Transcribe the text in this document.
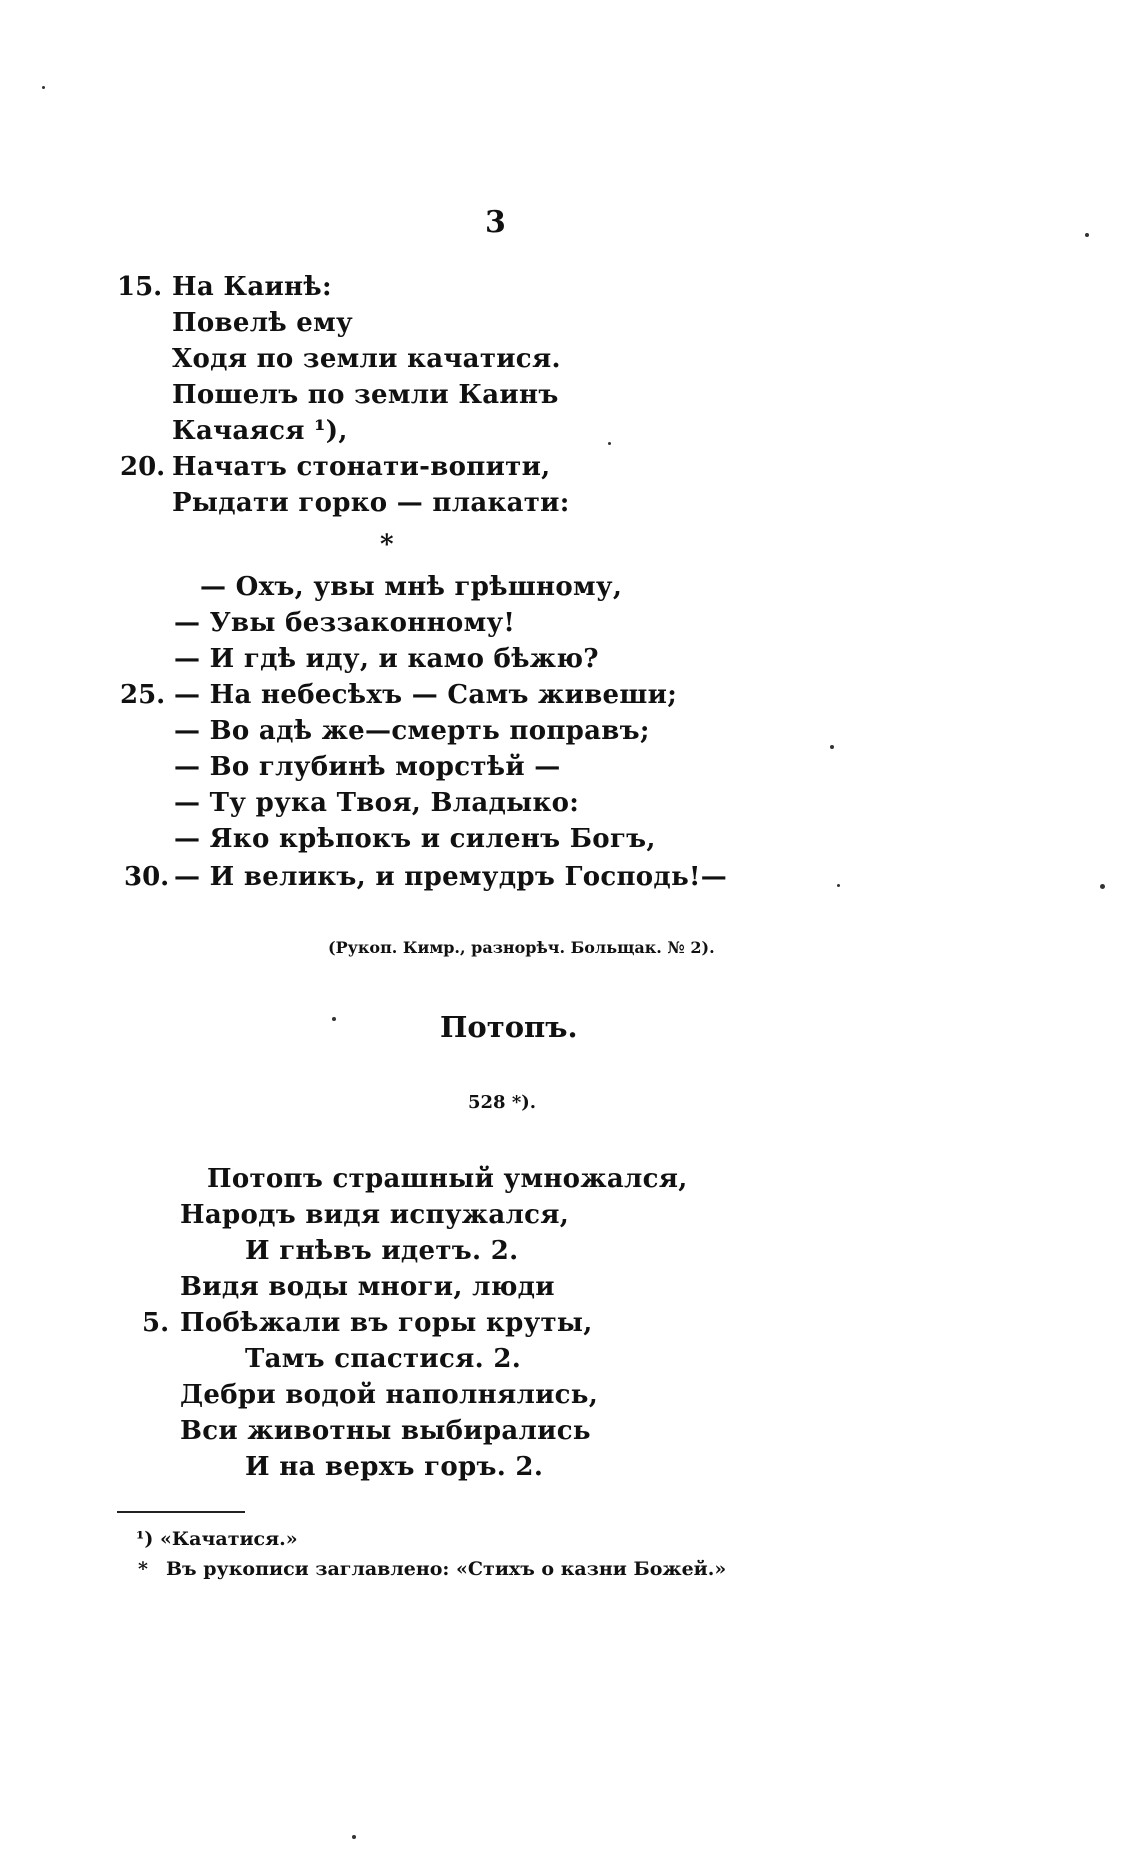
3
15. На Каинѣ:
Повелѣ ему
Ходя по земли качатися.
Пошелъ по земли Каинъ
Качаяся ¹),
20. Начатъ стонати-вопити,
Рыдати горко — плакати:
*
— Охъ, увы мнѣ грѣшному,
— Увы беззаконному!
— И гдѣ иду, и камо бѣжю?
25. — На небесѣхъ — Самъ живеши;
— Во адѣ же—смерть поправъ;
— Во глубинѣ морстѣй —
— Ту рука Твоя, Владыко:
— Яко крѣпокъ и силенъ Богъ,
30. — И великъ, и премудръ Господь!—
(Рукоп. Кимр., разнорѣч. Больщак. № 2).
Потопъ.
528 *).
Потопъ страшный умножался,
Народъ видя испужался,
И гнѣвъ идетъ. 2.
Видя воды многи, люди
5. Побѣжали въ горы круты,
Тамъ спастися. 2.
Дебри водой наполнялись,
Вси животны выбирались
И на верхъ горъ. 2.
¹) «Качатися.»
* Въ рукописи заглавлено: «Стихъ о казни Божей.»
